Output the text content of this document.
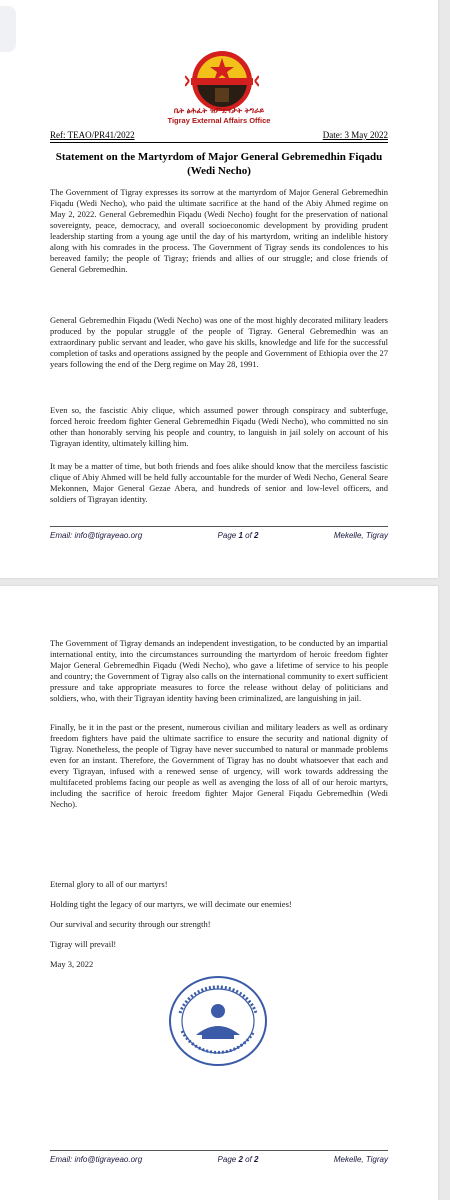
ቤት ፅሕፈት ዝምድናታት ትግራይ
Tigray External Affairs Office
Ref: TEAO/PR41/2022	Date: 3 May 2022
Statement on the Martyrdom of Major General Gebremedhin Fiqadu (Wedi Necho)

The Government of Tigray expresses its sorrow at the martyrdom of Major General Gebremedhin Fiqadu (Wedi Necho), who paid the ultimate sacrifice at the hand of the Abiy Ahmed regime on May 2, 2022. General Gebremedhin Fiqadu (Wedi Necho) fought for the preservation of national sovereignty, peace, democracy, and overall socioeconomic development by providing prudent leadership starting from a young age until the day of his martyrdom, writing an indelible history along with his comrades in the process. The Government of Tigray sends its condolences to his bereaved family; the people of Tigray; friends and allies of our struggle; and close friends of General Gebremedhin.

General Gebremedhin Fiqadu (Wedi Necho) was one of the most highly decorated military leaders produced by the popular struggle of the people of Tigray. General Gebremedhin was an extraordinary public servant and leader, who gave his skills, knowledge and life for the successful completion of tasks and operations assigned by the people and Government of Ethiopia over the 27 years following the end of the Derg regime on May 28, 1991.

Even so, the fascistic Abiy clique, which assumed power through conspiracy and subterfuge, forced heroic freedom fighter General Gebremedhin Fiqadu (Wedi Necho), who committed no sin other than honorably serving his people and country, to languish in jail solely on account of his Tigrayan identity, ultimately killing him.

It may be a matter of time, but both friends and foes alike should know that the merciless fascistic clique of Abiy Ahmed will be held fully accountable for the murder of Wedi Necho, General Seare Mekonnen, Major General Gezae Abera, and hundreds of senior and low-level officers, and soldiers of Tigrayan identity.

Email: info@tigrayeao.org	Page 1 of 2	Mekelle, Tigray

The Government of Tigray demands an independent investigation, to be conducted by an impartial international entity, into the circumstances surrounding the martyrdom of heroic freedom fighter Major General Gebremedhin Fiqadu (Wedi Necho), who gave a lifetime of service to his people and country; the Government of Tigray also calls on the international community to exert sufficient pressure and take appropriate measures to force the release without delay of politicians and soldiers, who, with their Tigrayan identity having been criminalized, are languishing in jail.

Finally, be it in the past or the present, numerous civilian and military leaders as well as ordinary freedom fighters have paid the ultimate sacrifice to ensure the security and national dignity of Tigray. Nonetheless, the people of Tigray have never succumbed to natural or manmade problems even for an instant. Therefore, the Government of Tigray has no doubt whatsoever that each and every Tigrayan, infused with a renewed sense of urgency, will work towards addressing the multifaceted problems facing our people as well as avenging the loss of all of our heroic martyrs, including the sacrifice of heroic freedom fighter Major General Fiqadu Gebremedhin (Wedi Necho).

Eternal glory to all of our martyrs!
Holding tight the legacy of our martyrs, we will decimate our enemies!
Our survival and security through our strength!
Tigray will prevail!
May 3, 2022
Email: info@tigrayeao.org	Page 2 of 2	Mekelle, Tigray
